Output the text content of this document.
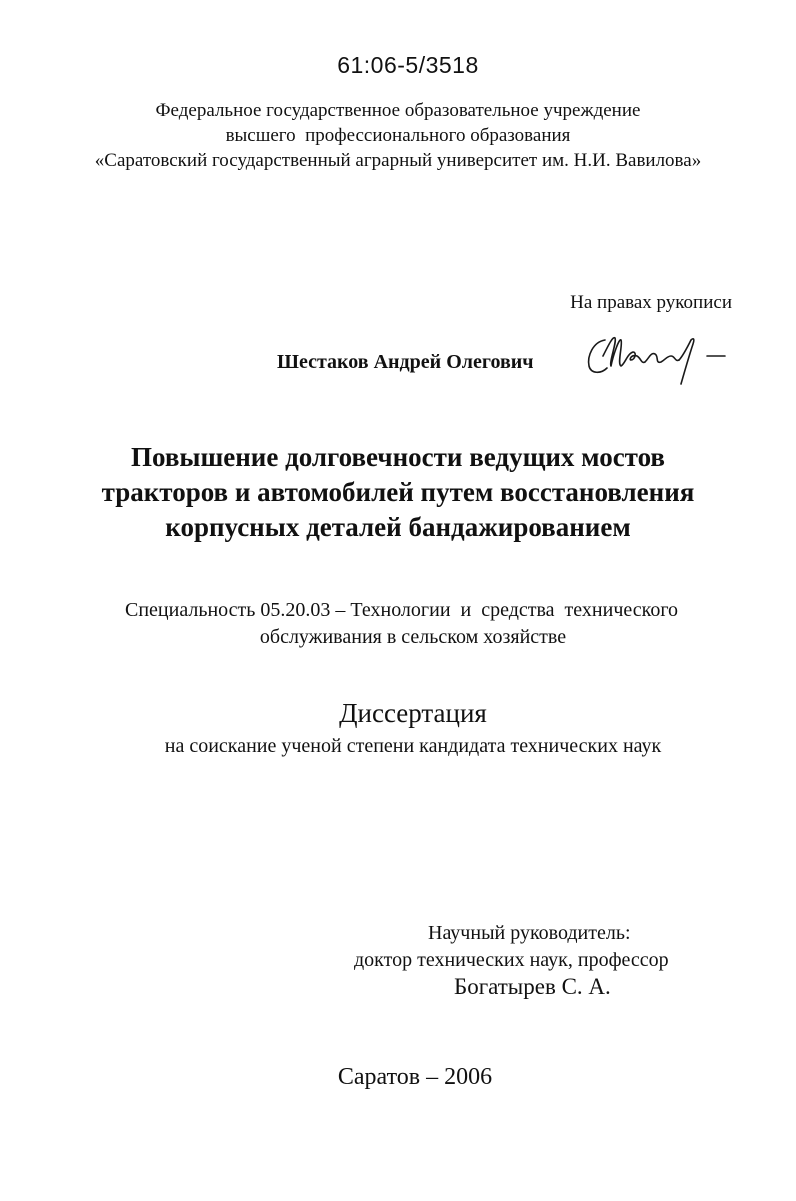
61:06-5/3518
Федеральное государственное образовательное учреждение
высшего  профессионального образования
«Саратовский государственный аграрный университет им. Н.И. Вавилова»
На правах рукописи
Шестаков Андрей Олегович
Повышение долговечности ведущих мостов
тракторов и автомобилей путем восстановления
корпусных деталей бандажированием
Специальность 05.20.03 – Технологии  и  средства  технического
обслуживания в сельском хозяйстве
Диссертация
на соискание ученой степени кандидата технических наук
Научный руководитель:
доктор технических наук, профессор
Богатырев С. А.
Саратов – 2006
